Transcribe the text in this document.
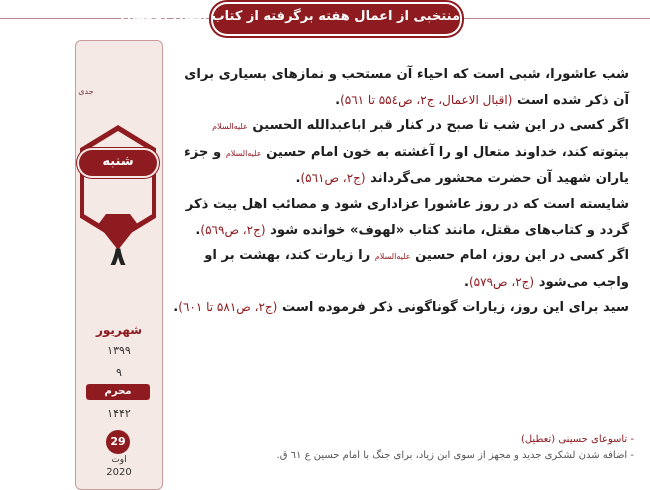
منتخبی از اعمال هفته برگرفته از کتاب اقبال الاعمال
جدی
شهریور
۱۳۹۹
۹
۱۴۴۲
اوت
2020
شنبه
۸
محرم
29

شب عاشورا، شبی است که احیاء آن مستحب و نمازهای بسیاری برای آن ذکر شده است (اقبال الاعمال، ج۲، ص۵۵٤ تا ۵٦۱).

اگر کسی در این شب تا صبح در کنار قبر اباعبدالله الحسین علیه‌السلام بیتوته کند، خداوند متعال او را آغشته به خون امام حسین علیه‌السلام و جزء یاران شهید آن حضرت محشور می‌گرداند (ج۲، ص۵٦۱).

شایسته است که در روز عاشورا عزاداری شود و مصائب اهل بیت ذکر گردد و کتاب‌های مقتل، مانند کتاب «لهوف» خوانده شود (ج۲، ص۵٦۹).

اگر کسی در این روز، امام حسین علیه‌السلام را زیارت کند، بهشت بر او واجب می‌شود (ج۲، ص۵۷۹).

سید برای این روز، زیارات گوناگونی ذکر فرموده است (ج۲، ص۵۸۱ تا ٦۰۱).

- تاسوعای حسینی (تعطیل)
- اضافه شدن لشکری جدید و مجهز از سوی ابن زیاد، برای جنگ با امام حسین ع ٦۱ ق.
